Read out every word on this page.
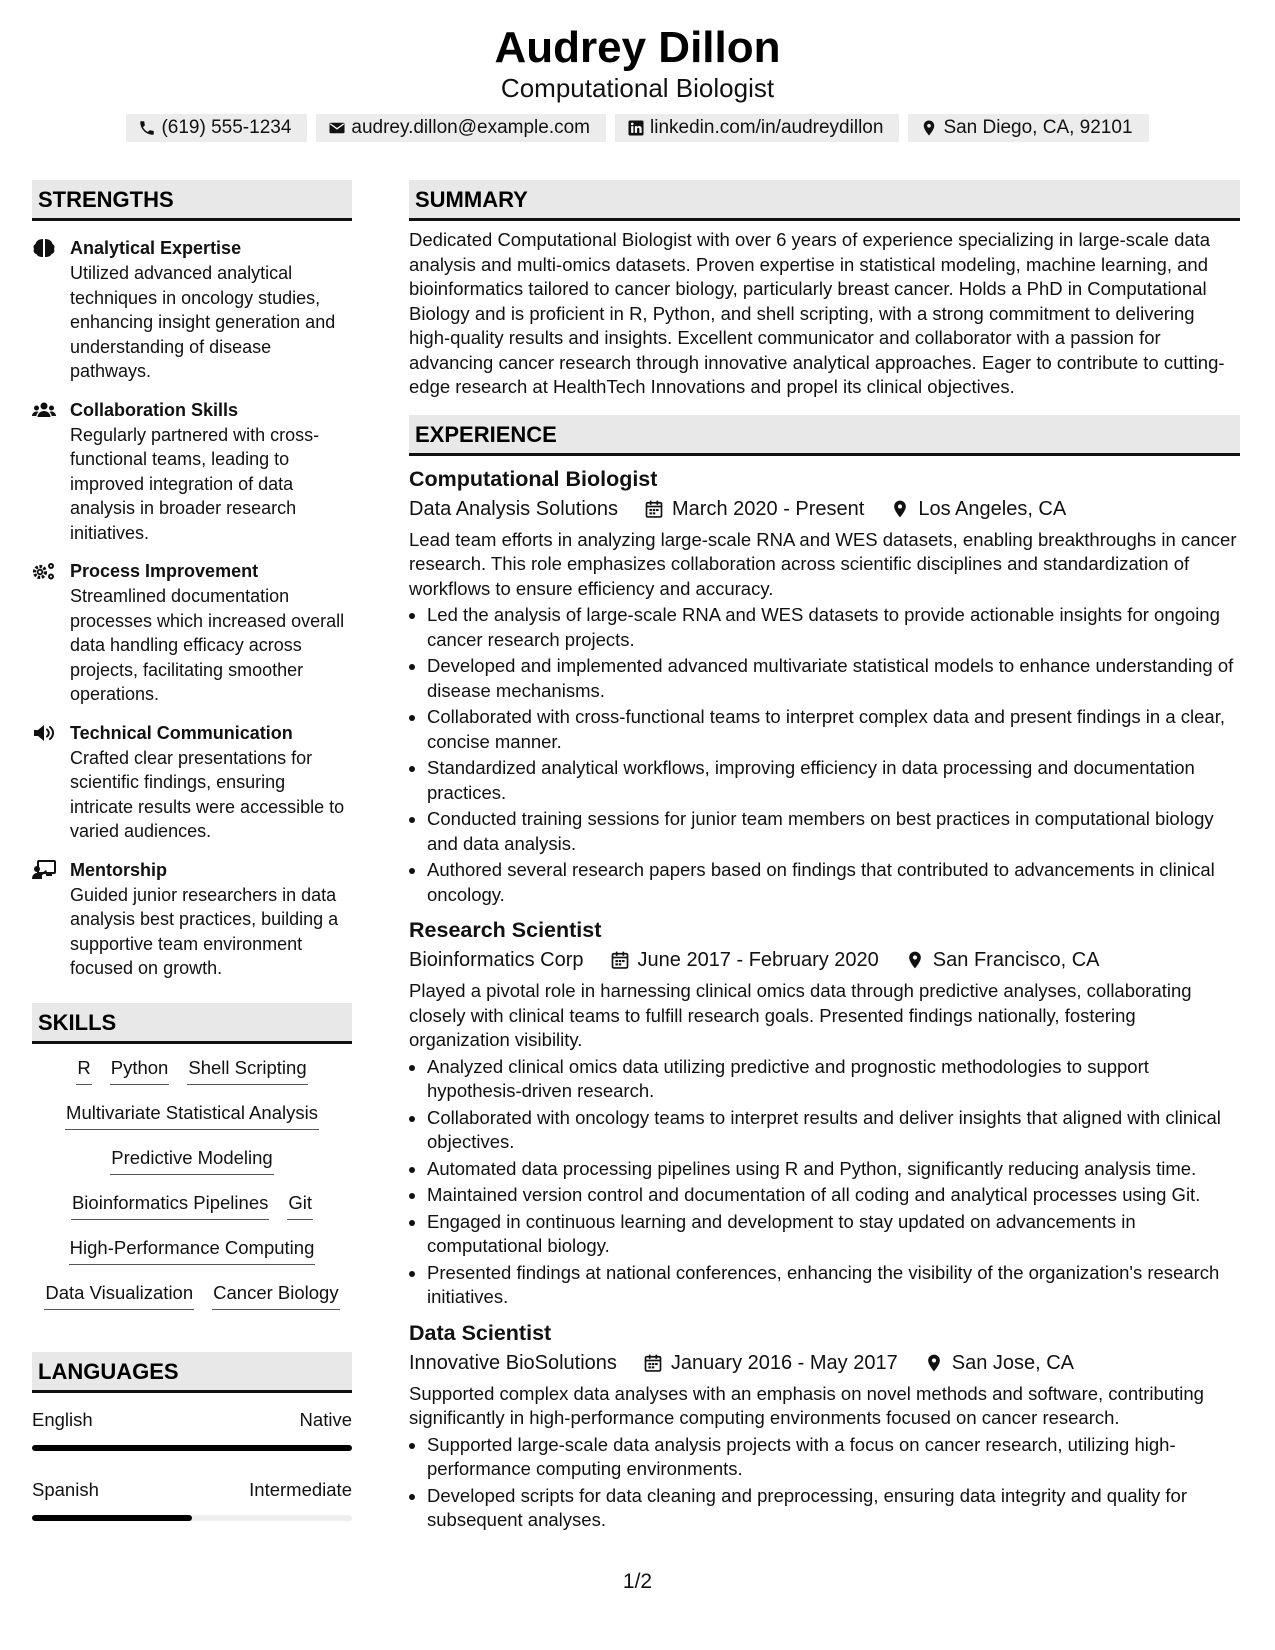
Audrey Dillon
Computational Biologist
(619) 555-1234	audrey.dillon@example.com	linkedin.com/in/audreydillon	San Diego, CA, 92101
STRENGTHS
Analytical Expertise
Utilized advanced analytical techniques in oncology studies, enhancing insight generation and understanding of disease pathways.
Collaboration Skills
Regularly partnered with cross-functional teams, leading to improved integration of data analysis in broader research initiatives.
Process Improvement
Streamlined documentation processes which increased overall data handling efficacy across projects, facilitating smoother operations.
Technical Communication
Crafted clear presentations for scientific findings, ensuring intricate results were accessible to varied audiences.
Mentorship
Guided junior researchers in data analysis best practices, building a supportive team environment focused on growth.
SKILLS
R Python Shell Scripting
Multivariate Statistical Analysis
Predictive Modeling
Bioinformatics Pipelines Git
High-Performance Computing
Data Visualization Cancer Biology
LANGUAGES
English	Native
Spanish	Intermediate
SUMMARY
Dedicated Computational Biologist with over 6 years of experience specializing in large-scale data analysis and multi-omics datasets. Proven expertise in statistical modeling, machine learning, and bioinformatics tailored to cancer biology, particularly breast cancer. Holds a PhD in Computational Biology and is proficient in R, Python, and shell scripting, with a strong commitment to delivering high-quality results and insights. Excellent communicator and collaborator with a passion for advancing cancer research through innovative analytical approaches. Eager to contribute to cutting-edge research at HealthTech Innovations and propel its clinical objectives.
EXPERIENCE
Computational Biologist
Data Analysis Solutions	March 2020 - Present	Los Angeles, CA
Lead team efforts in analyzing large-scale RNA and WES datasets, enabling breakthroughs in cancer research. This role emphasizes collaboration across scientific disciplines and standardization of workflows to ensure efficiency and accuracy.
• Led the analysis of large-scale RNA and WES datasets to provide actionable insights for ongoing cancer research projects.
• Developed and implemented advanced multivariate statistical models to enhance understanding of disease mechanisms.
• Collaborated with cross-functional teams to interpret complex data and present findings in a clear, concise manner.
• Standardized analytical workflows, improving efficiency in data processing and documentation practices.
• Conducted training sessions for junior team members on best practices in computational biology and data analysis.
• Authored several research papers based on findings that contributed to advancements in clinical oncology.
Research Scientist
Bioinformatics Corp	June 2017 - February 2020	San Francisco, CA
Played a pivotal role in harnessing clinical omics data through predictive analyses, collaborating closely with clinical teams to fulfill research goals. Presented findings nationally, fostering organization visibility.
• Analyzed clinical omics data utilizing predictive and prognostic methodologies to support hypothesis-driven research.
• Collaborated with oncology teams to interpret results and deliver insights that aligned with clinical objectives.
• Automated data processing pipelines using R and Python, significantly reducing analysis time.
• Maintained version control and documentation of all coding and analytical processes using Git.
• Engaged in continuous learning and development to stay updated on advancements in computational biology.
• Presented findings at national conferences, enhancing the visibility of the organization's research initiatives.
Data Scientist
Innovative BioSolutions	January 2016 - May 2017	San Jose, CA
Supported complex data analyses with an emphasis on novel methods and software, contributing significantly in high-performance computing environments focused on cancer research.
• Supported large-scale data analysis projects with a focus on cancer research, utilizing high-performance computing environments.
• Developed scripts for data cleaning and preprocessing, ensuring data integrity and quality for subsequent analyses.
1/2
